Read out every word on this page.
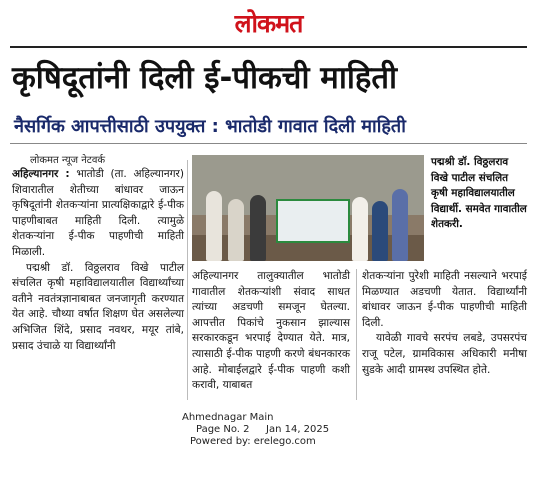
लोकमत
कृषिदूतांनी दिली ई-पीकची माहिती
नैसर्गिक आपत्तीसाठी उपयुक्त : भातोडी गावात दिली माहिती
लोकमत न्यूज नेटवर्क

अहिल्यानगर : भातोडी (ता. अहिल्यानगर) शिवारातील शेतीच्या बांधावर जाऊन कृषिदूतांनी शेतकऱ्यांना प्रात्यक्षिकाद्वारे ई-पीक पाहणीबाबत माहिती दिली. त्यामुळे शेतकऱ्यांना ई-पीक पाहणीची माहिती मिळाली.

पद्मश्री डॉ. विठ्ठलराव विखे पाटील संचलित कृषी महाविद्यालयातील विद्यार्थ्यांच्या वतीने नवतंत्रज्ञानाबाबत जनजागृती करण्यात येत आहे. चौथ्या वर्षात शिक्षण घेत असलेल्या अभिजित शिंदे, प्रसाद नवथर, मयूर तांबे, प्रसाद उंचाळे या विद्यार्थ्यांनी

पद्मश्री डॉ. विठ्ठलराव विखे पाटील संचलित कृषी महाविद्यालयातील विद्यार्थी. समवेत गावातील शेतकरी.

अहिल्यानगर तालुक्यातील भातोडी गावातील शेतकऱ्यांशी संवाद साधत त्यांच्या अडचणी समजून घेतल्या. आपत्तीत पिकांचे नुकसान झाल्यास सरकारकडून भरपाई देण्यात येते. मात्र, त्यासाठी ई-पीक पाहणी करणे बंधनकारक आहे. मोबाईलद्वारे ई-पीक पाहणी कशी करावी, याबाबत

शेतकऱ्यांना पुरेशी माहिती नसल्याने भरपाई मिळण्यात अडचणी येतात. विद्यार्थ्यांनी बांधावर जाऊन ई-पीक पाहणीची माहिती दिली.

यावेळी गावचे सरपंच लबडे, उपसरपंच राजू पटेल, ग्रामविकास अधिकारी मनीषा सुडके आदी ग्रामस्थ उपस्थित होते.

Ahmednagar Main
Page No. 2 Jan 14, 2025
Powered by: erelego.com
